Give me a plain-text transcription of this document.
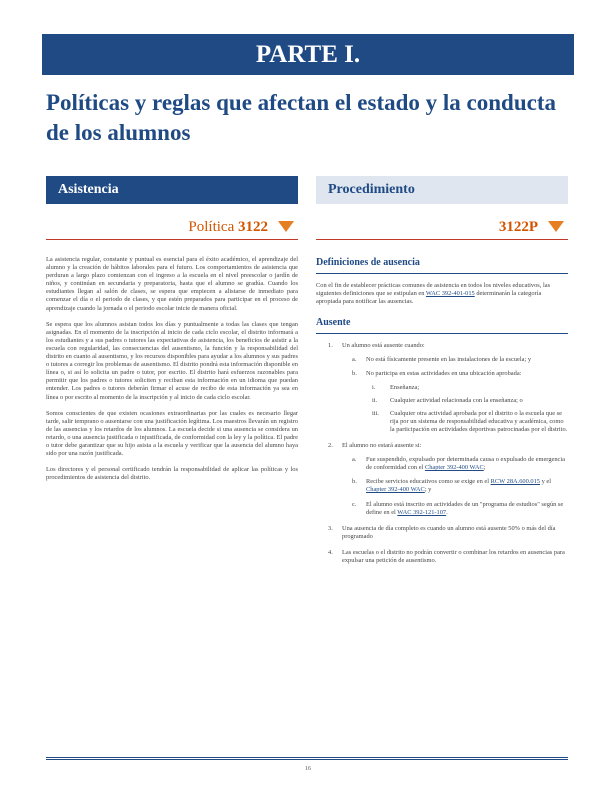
PARTE I.
Políticas y reglas que afectan el estado y la conducta de los alumnos
Asistencia	Procedimiento
Política 3122	3122P

La asistencia regular, constante y puntual es esencial para el éxito académico, el aprendizaje del alumno y la creación de hábitos laborales para el futuro. Los comportamientos de asistencia que perduran a largo plazo comienzan con el ingreso a la escuela en el nivel preescolar o jardín de niños, y continúan en secundaria y preparatoria, hasta que el alumno se gradúa. Cuando los estudiantes llegan al salón de clases, se espera que empiecen a alistarse de inmediato para comenzar el día o el periodo de clases, y que estén preparados para participar en el proceso de aprendizaje cuando la jornada o el periodo escolar inicie de manera oficial.

Se espera que los alumnos asistan todos los días y puntualmente a todas las clases que tengan asignadas. En el momento de la inscripción al inicio de cada ciclo escolar, el distrito informará a los estudiantes y a sus padres o tutores las expectativas de asistencia, los beneficios de asistir a la escuela con regularidad, las consecuencias del ausentismo, la función y la responsabilidad del distrito en cuanto al ausentismo, y los recursos disponibles para ayudar a los alumnos y sus padres o tutores a corregir los problemas de ausentismo. El distrito pondrá esta información disponible en línea o, si así lo solicita un padre o tutor, por escrito. El distrito hará esfuerzos razonables para permitir que los padres o tutores soliciten y reciban esta información en un idioma que puedan entender. Los padres o tutores deberán firmar el acuse de recibo de esta información ya sea en línea o por escrito al momento de la inscripción y al inicio de cada ciclo escolar.

Somos conscientes de que existen ocasiones extraordinarias por las cuales es necesario llegar tarde, salir temprano o ausentarse con una justificación legítima. Los maestros llevarán un registro de las ausencias y los retardos de los alumnos. La escuela decide si una ausencia se considera un retardo, o una ausencia justificada o injustificada, de conformidad con la ley y la política. El padre o tutor debe garantizar que su hijo asista a la escuela y verificar que la ausencia del alumno haya sido por una razón justificada.

Los directores y el personal certificado tendrán la responsabilidad de aplicar las políticas y los procedimientos de asistencia del distrito.

Definiciones de ausencia

Con el fin de establecer prácticas comunes de asistencia en todos los niveles educativos, las siguientes definiciones que se estipulan en WAC 392-401-015 determinarán la categoría apropiada para notificar las ausencias.

Ausente
1. Un alumno está ausente cuando:
a. No está físicamente presente en las instalaciones de la escuela; y
b. No participa en estas actividades en una ubicación aprobada:
i. Enseñanza;
ii. Cualquier actividad relacionada con la enseñanza; o
iii. Cualquier otra actividad aprobada por el distrito o la escuela que se rija por un sistema de responsabilidad educativa y académica, como la participación en actividades deportivas patrocinadas por el distrito.
2. El alumno no estará ausente si:
a. Fue suspendido, expulsado por determinada causa o expulsado de emergencia de conformidad con el Chapter 392-400 WAC;
b. Recibe servicios educativos como se exige en el RCW 28A.600.015 y el Chapter 392-400 WAC; y
c. El alumno está inscrito en actividades de un "programa de estudios" según se define en el WAC 392-121-107.
3. Una ausencia de día completo es cuando un alumno está ausente 50% o más del día programado
4. Las escuelas o el distrito no podrán convertir o combinar los retardos en ausencias para expulsar una petición de ausentismo.
16
